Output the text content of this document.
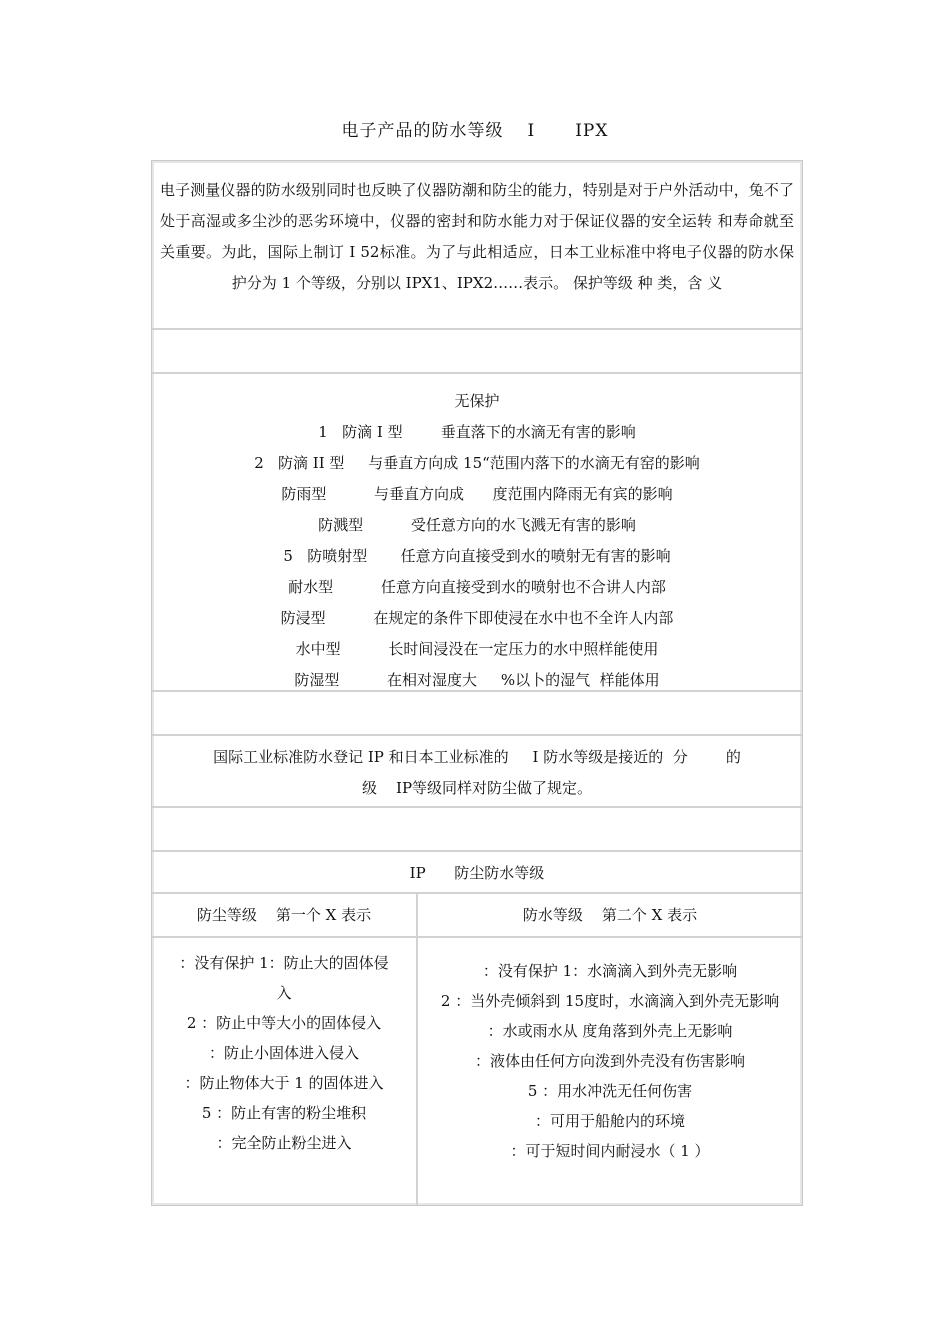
电子产品的防水等级 I IPX
电子测量仪器的防水级别同时也反映了仪器防潮和防尘的能力，特别是对于户外活动中，兔不了处于高湿或多尘沙的恶劣环境中，仪器的密封和防水能力对于保证仪器的安全运转 和寿命就至关重要。为此，国际上制订 I 52标准。为了与此相适应，日本工业标准中将电子仪器的防水保护分为 1 个等级，分别以 IPX1、IPX2……表示。 保护等级 种 类，含 义
无保护
1   防滴 I 型        垂直落下的水滴无有害的影响
2   防滴 II 型     与垂直方向成 15“范围内落下的水滴无有窑的影响
防雨型          与垂直方向成      度范围内降雨无有宾的影响
防溅型          受任意方向的水飞溅无有害的影响
5   防喷射型       任意方向直接受到水的喷射无有害的影响
耐水型          任意方向直接受到水的喷射也不合讲人内部
防浸型          在规定的条件下即使浸在水中也不全许人内部
水中型          长时间浸没在一定压力的水中照样能使用
防湿型          在相对湿度大     %以卜的湿气  样能体用
国际工业标准防水登记 IP 和日本工业标准的     I 防水等级是接近的  分        的
级    IP等级同样对防尘做了规定。
IP      防尘防水等级
防尘等级    第一个 X 表示	防水等级    第二个 X 表示
：没有保护 1：防止大的固体侵入
2 ：防止中等大小的固体侵入
：防止小固体进入侵入
：防止物体大于 1 的固体进入
5 ：防止有害的粉尘堆积
：完全防止粉尘进入
：没有保护 1：水滴滴入到外壳无影响
2 ：当外壳倾斜到 15度时，水滴滴入到外壳无影响
：水或雨水从 度角落到外壳上无影响
：液体由任何方向泼到外壳没有伤害影响
5 ：用水冲洗无任何伤害
：可用于船舱内的环境
：可于短时间内耐浸水（ 1 ）
